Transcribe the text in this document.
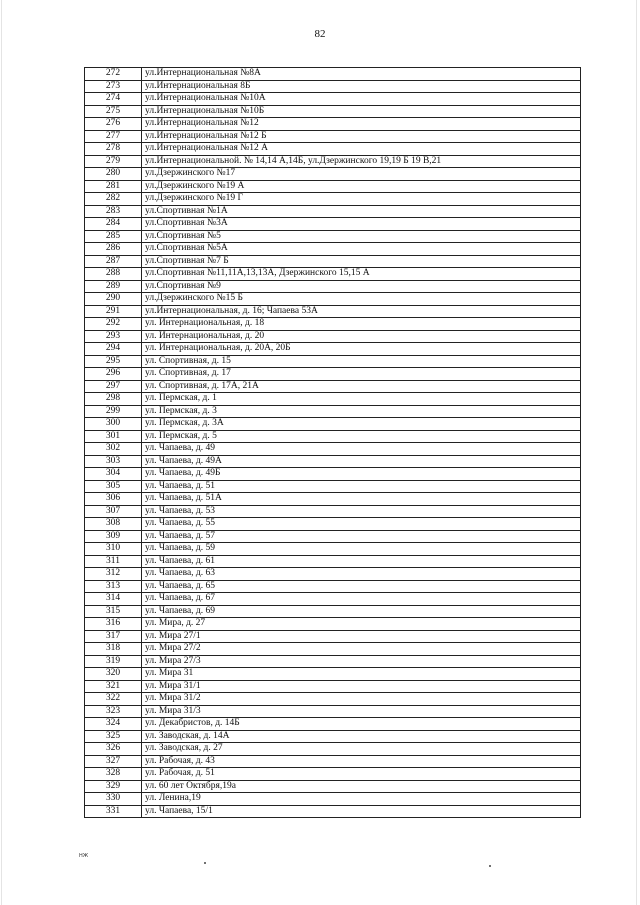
82
272	ул.Интернациональная №8А
273	ул.Интернациональная 8Б
274	ул.Интернациональная №10А
275	ул.Интернациональная №10Б
276	ул.Интернациональная №12
277	ул.Интернациональная №12 Б
278	ул.Интернациональная №12 А
279	ул.Интернациональной. № 14,14 А,14Б, ул.Дзержинского 19,19 Б 19 В,21
280	ул.Дзержинского №17
281	ул.Дзержинского №19 А
282	ул.Дзержинского №19 Г
283	ул.Спортивная №1А
284	ул.Спортивная №3А
285	ул.Спортивная №5
286	ул.Спортивная №5А
287	ул.Спортивная №7 Б
288	ул.Спортивная №11,11А,13,13А, Дзержинского 15,15 А
289	ул.Спортивная №9
290	ул.Дзержинского №15 Б
291	ул.Интернациональная, д. 16; Чапаева 53А
292	ул. Интернациональная, д. 18
293	ул. Интернациональная, д. 20
294	ул. Интернациональная, д. 20А, 20Б
295	ул. Спортивная, д. 15
296	ул. Спортивная, д. 17
297	ул. Спортивная, д. 17А, 21А
298	ул. Пермская, д. 1
299	ул. Пермская, д. 3
300	ул. Пермская, д. 3А
301	ул. Пермская, д. 5
302	ул. Чапаева, д. 49
303	ул. Чапаева, д. 49А
304	ул. Чапаева, д. 49Б
305	ул. Чапаева, д. 51
306	ул. Чапаева, д. 51А
307	ул. Чапаева, д. 53
308	ул. Чапаева, д. 55
309	ул. Чапаева, д. 57
310	ул. Чапаева, д. 59
311	ул. Чапаева, д. 61
312	ул. Чапаева, д. 63
313	ул. Чапаева, д. 65
314	ул. Чапаева, д. 67
315	ул. Чапаева, д. 69
316	ул. Мира, д. 27
317	ул. Мира 27/1
318	ул. Мира 27/2
319	ул. Мира 27/3
320	ул. Мира 31
321	ул. Мира 31/1
322	ул. Мира 31/2
323	ул. Мира 31/3
324	ул. Декабристов, д. 14Б
325	ул. Заводская, д. 14А
326	ул. Заводская, д. 27
327	ул. Рабочая, д. 43
328	ул. Рабочая, д. 51
329	ул. 60 лет Октября,19а
330	ул. Ленина,19
331	ул. Чапаева, 15/1
НЖ
